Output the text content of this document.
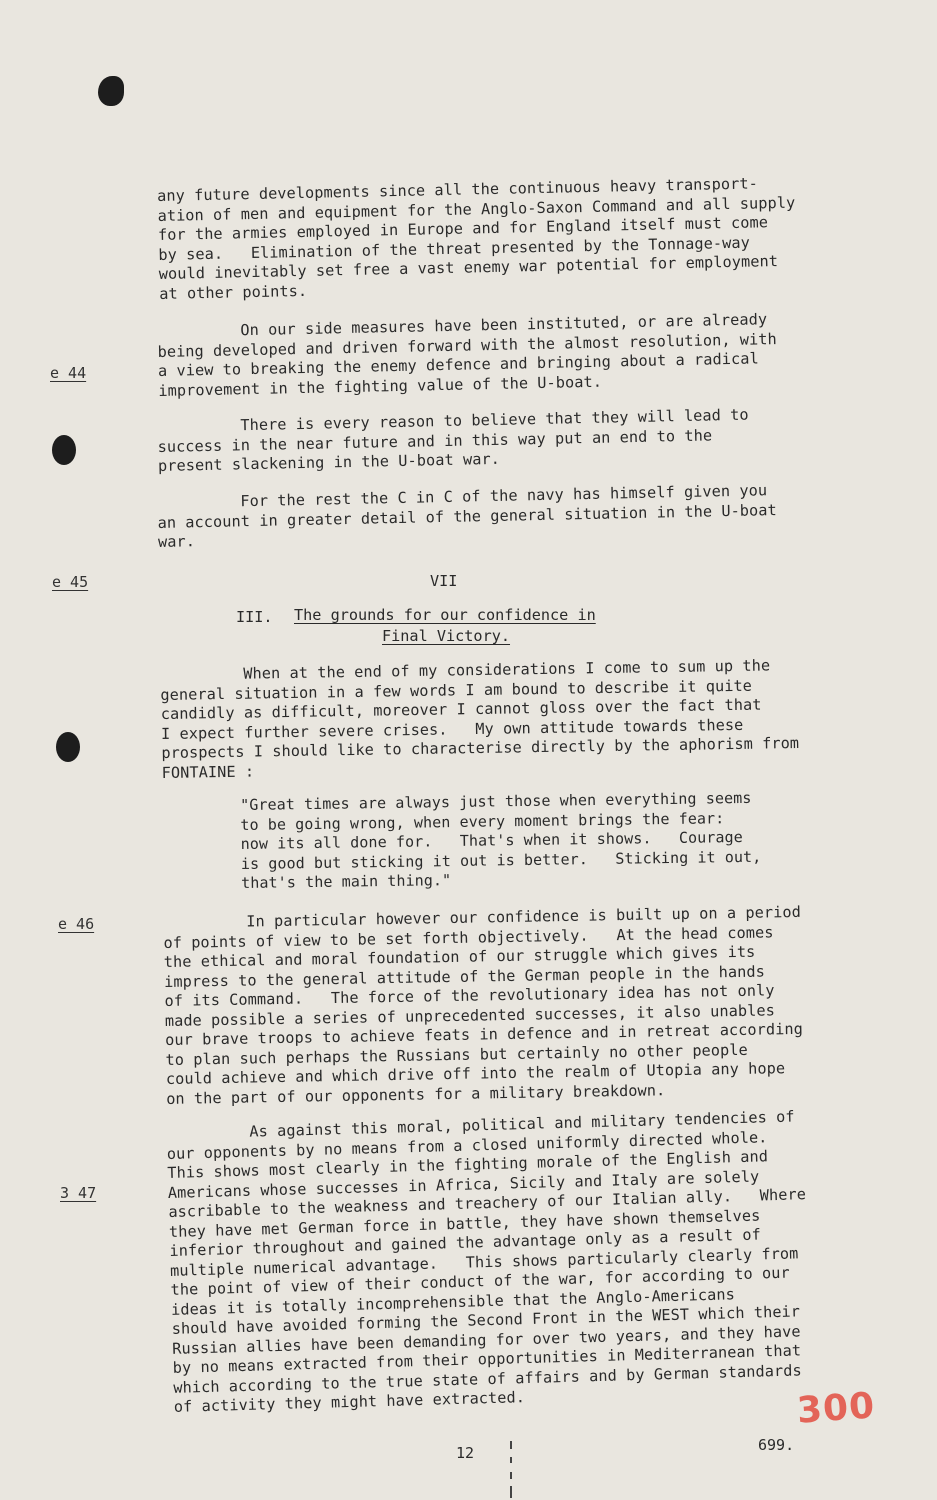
any future developments since all the continuous heavy transport-
ation of men and equipment for the Anglo-Saxon Command and all supply
for the armies employed in Europe and for England itself must come
by sea.   Elimination of the threat presented by the Tonnage-way
would inevitably set free a vast enemy war potential for employment
at other points.
e 44
On our side measures have been instituted, or are already
being developed and driven forward with the almost resolution, with
a view to breaking the enemy defence and bringing about a radical
improvement in the fighting value of the U-boat.
There is every reason to believe that they will lead to
success in the near future and in this way put an end to the
present slackening in the U-boat war.
For the rest the C in C of the navy has himself given you
an account in greater detail of the general situation in the U-boat
war.
e 45	VII
III. The grounds for our confidence in
Final Victory.
When at the end of my considerations I come to sum up the
general situation in a few words I am bound to describe it quite
candidly as difficult, moreover I cannot gloss over the fact that
I expect further severe crises.   My own attitude towards these
prospects I should like to characterise directly by the aphorism from
FONTAINE :
"Great times are always just those when everything seems
to be going wrong, when every moment brings the fear:
now its all done for.   That's when it shows.   Courage
is good but sticking it out is better.   Sticking it out,
that's the main thing."
e 46	In particular however our confidence is built up on a period
of points of view to be set forth objectively.   At the head comes
the ethical and moral foundation of our struggle which gives its
impress to the general attitude of the German people in the hands
of its Command.   The force of the revolutionary idea has not only
made possible a series of unprecedented successes, it also unables
our brave troops to achieve feats in defence and in retreat according
to plan such perhaps the Russians but certainly no other people
could achieve and which drive off into the realm of Utopia any hope
on the part of our opponents for a military breakdown.
3 47
As against this moral, political and military tendencies of
our opponents by no means from a closed uniformly directed whole.
This shows most clearly in the fighting morale of the English and
Americans whose successes in Africa, Sicily and Italy are solely
ascribable to the weakness and treachery of our Italian ally.   Where
they have met German force in battle, they have shown themselves
inferior throughout and gained the advantage only as a result of
multiple numerical advantage.   This shows particularly clearly from
the point of view of their conduct of the war, for according to our
ideas it is totally incomprehensible that the Anglo-Americans
should have avoided forming the Second Front in the WEST which their
Russian allies have been demanding for over two years, and they have
by no means extracted from their opportunities in Mediterranean that
which according to the true state of affairs and by German standards
of activity they might have extracted.	300
12	699.
